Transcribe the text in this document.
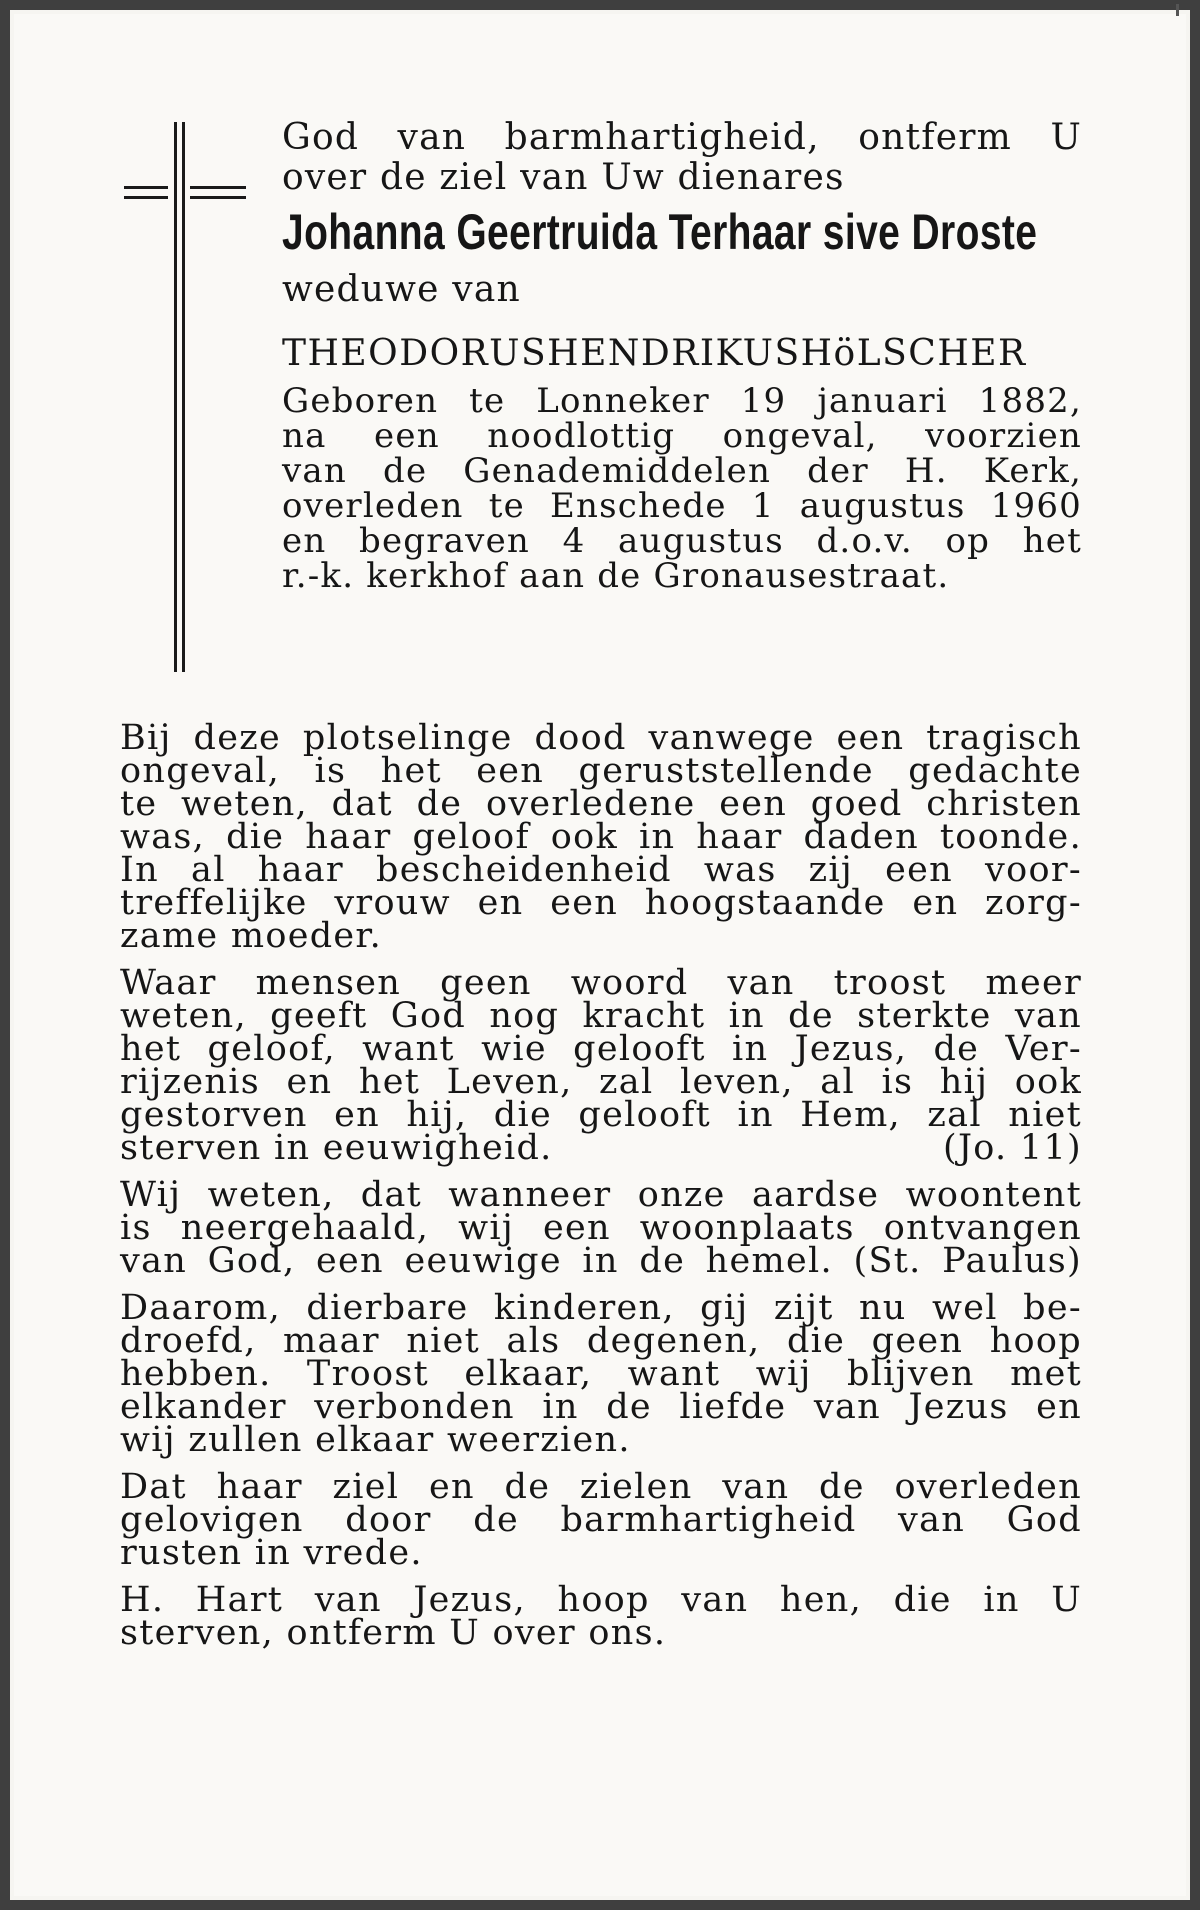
God van barmhartigheid, ontferm U
over de ziel van Uw dienares
Johanna Geertruida Terhaar sive Droste
weduwe van
THEODORUSHENDRIKUSHöLSCHER
Geboren te Lonneker 19 januari 1882,
na een noodlottig ongeval, voorzien
van de Genademiddelen der H. Kerk,
overleden te Enschede 1 augustus 1960
en begraven 4 augustus d.o.v. op het
r.-k. kerkhof aan de Gronausestraat.
Bij deze plotselinge dood vanwege een tragisch
ongeval, is het een geruststellende gedachte
te weten, dat de overledene een goed christen
was, die haar geloof ook in haar daden toonde.
In al haar bescheidenheid was zij een voor-
treffelijke vrouw en een hoogstaande en zorg-
zame moeder.
Waar mensen geen woord van troost meer
weten, geeft God nog kracht in de sterkte van
het geloof, want wie gelooft in Jezus, de Ver-
rijzenis en het Leven, zal leven, al is hij ook
gestorven en hij, die gelooft in Hem, zal niet
sterven in eeuwigheid.	(Jo. 11)
Wij weten, dat wanneer onze aardse woontent
is neergehaald, wij een woonplaats ontvangen
van God, een eeuwige in de hemel. (St. Paulus)
Daarom, dierbare kinderen, gij zijt nu wel be-
droefd, maar niet als degenen, die geen hoop
hebben. Troost elkaar, want wij blijven met
elkander verbonden in de liefde van Jezus en
wij zullen elkaar weerzien.
Dat haar ziel en de zielen van de overleden
gelovigen door de barmhartigheid van God
rusten in vrede.
H. Hart van Jezus, hoop van hen, die in U
sterven, ontferm U over ons.
